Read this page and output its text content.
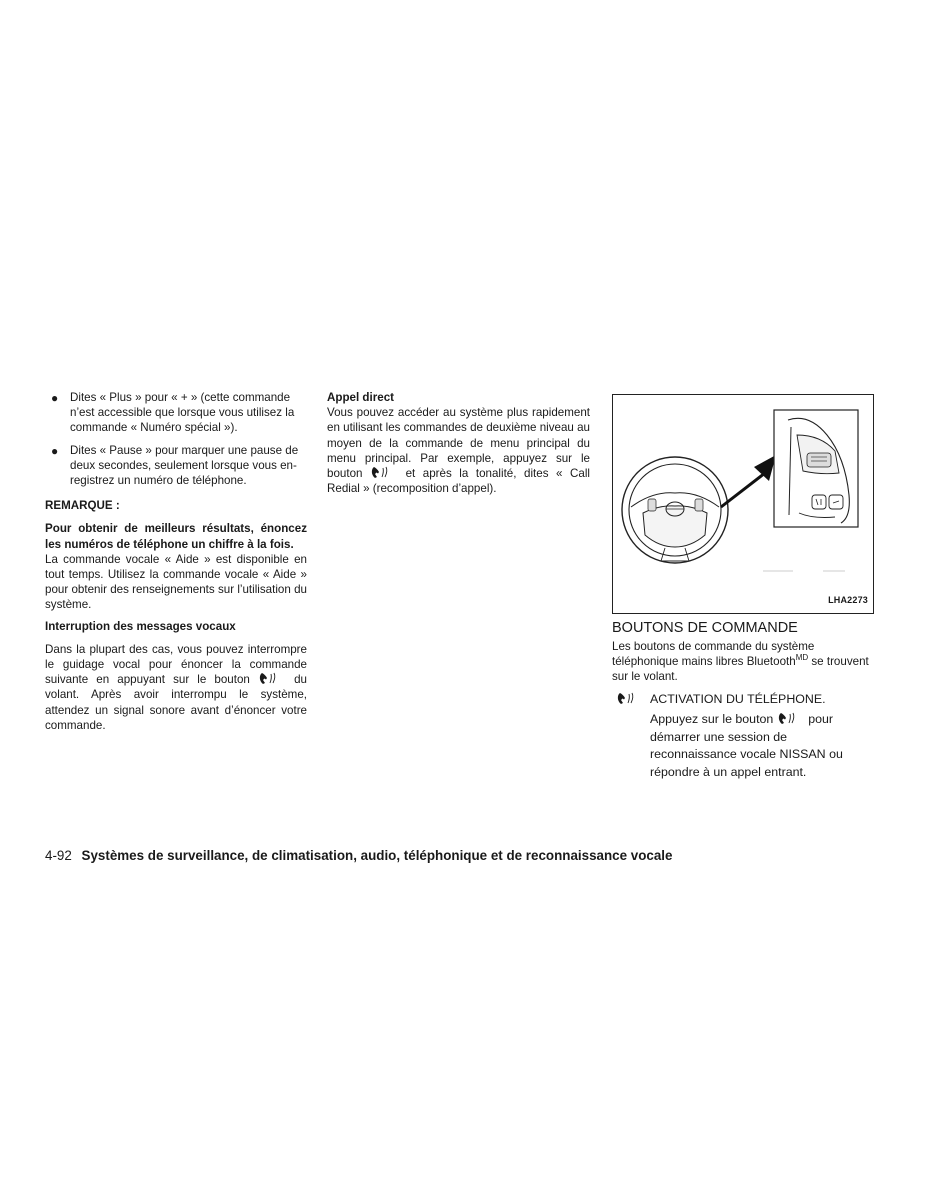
● Dites « Plus » pour « + » (cette commande n’est accessible que lorsque vous utilisez la commande « Numéro spécial »).
● Dites « Pause » pour marquer une pause de deux secondes, seulement lorsque vous en-registrez un numéro de téléphone.
REMARQUE :
Pour obtenir de meilleurs résultats, énoncez les numéros de téléphone un chiffre à la fois.
La commande vocale « Aide » est disponible en tout temps. Utilisez la commande vocale « Aide » pour obtenir des renseignements sur l’utilisation du système.
Interruption des messages vocaux
Dans la plupart des cas, vous pouvez interrompre le guidage vocal pour énoncer la commande suivante en appuyant sur le bouton	du volant. Après avoir interrompu le système, attendez un signal sonore avant d’énoncer votre commande.
Appel direct
Vous pouvez accéder au système plus rapidement en utilisant les commandes de deuxième niveau au moyen de la commande de menu principal du menu principal. Par exemple, appuyez sur le bouton	et après la tonalité, dites « Call Redial » (recomposition d’appel).
LHA2273
BOUTONS DE COMMANDE
Les boutons de commande du système téléphonique mains libres Bluetooth$^{MD}$ se trouvent sur le volant.
ACTIVATION DU TÉLÉPHONE.
Appuyez sur le bouton	pour démarrer une session de reconnaissance vocale NISSAN ou répondre à un appel entrant.
4-92 Systèmes de surveillance, de climatisation, audio, téléphonique et de reconnaissance vocale
